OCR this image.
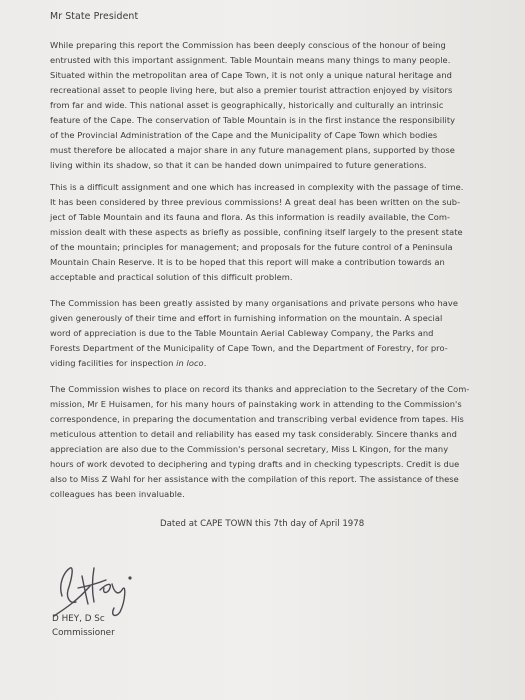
Mr State President
While preparing this report the Commission has been deeply conscious of the honour of being
entrusted with this important assignment. Table Mountain means many things to many people.
Situated within the metropolitan area of Cape Town, it is not only a unique natural heritage and
recreational asset to people living here, but also a premier tourist attraction enjoyed by visitors
from far and wide. This national asset is geographically, historically and culturally an intrinsic
feature of the Cape. The conservation of Table Mountain is in the first instance the responsibility
of the Provincial Administration of the Cape and the Municipality of Cape Town which bodies
must therefore be allocated a major share in any future management plans, supported by those
living within its shadow, so that it can be handed down unimpaired to future generations.
This is a difficult assignment and one which has increased in complexity with the passage of time.
It has been considered by three previous commissions! A great deal has been written on the sub-
ject of Table Mountain and its fauna and flora. As this information is readily available, the Com-
mission dealt with these aspects as briefly as possible, confining itself largely to the present state
of the mountain; principles for management; and proposals for the future control of a Peninsula
Mountain Chain Reserve. It is to be hoped that this report will make a contribution towards an
acceptable and practical solution of this difficult problem.
The Commission has been greatly assisted by many organisations and private persons who have
given generously of their time and effort in furnishing information on the mountain. A special
word of appreciation is due to the Table Mountain Aerial Cableway Company, the Parks and
Forests Department of the Municipality of Cape Town, and the Department of Forestry, for pro-
viding facilities for inspection in loco.
The Commission wishes to place on record its thanks and appreciation to the Secretary of the Com-
mission, Mr E Huisamen, for his many hours of painstaking work in attending to the Commission's
correspondence, in preparing the documentation and transcribing verbal evidence from tapes. His
meticulous attention to detail and reliability has eased my task considerably. Sincere thanks and
appreciation are also due to the Commission's personal secretary, Miss L Kingon, for the many
hours of work devoted to deciphering and typing drafts and in checking typescripts. Credit is due
also to Miss Z Wahl for her assistance with the compilation of this report. The assistance of these
colleagues has been invaluable.
Dated at CAPE TOWN this 7th day of April 1978
D HEY, D Sc
Commissioner
